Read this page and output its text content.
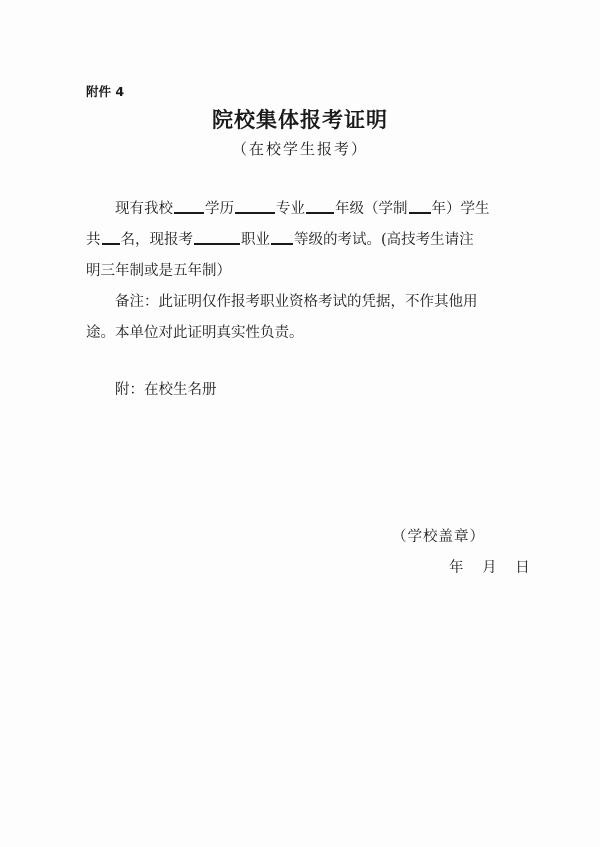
附件 4
院校集体报考证明
（在校学生报考）
现有我校 学历	专业 年级（学制 年）学生
共 名，现报考	职业 等级的考试。(高技考生请注
明三年制或是五年制）
备注：此证明仅作报考职业资格考试的凭据，不作其他用
途。本单位对此证明真实性负责。
附：在校生名册
（学校盖章）
年 月 日
